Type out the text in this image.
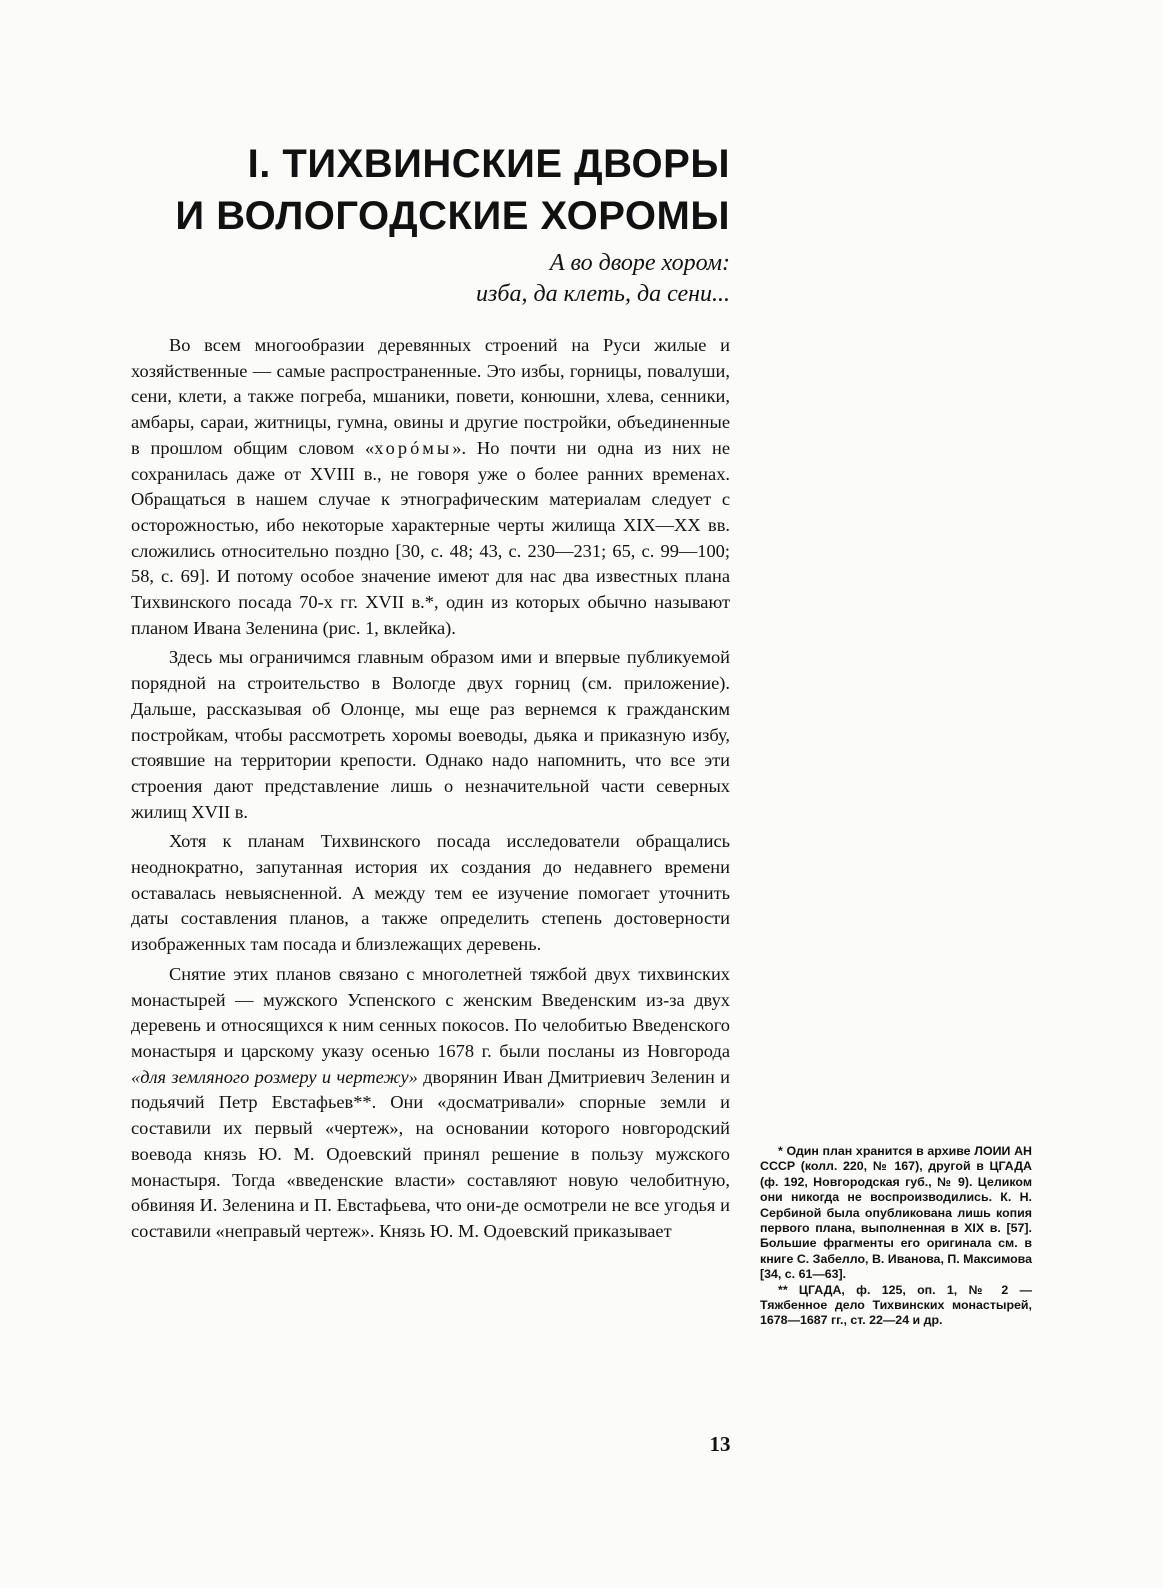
I. ТИХВИНСКИЕ ДВОРЫ
И ВОЛОГОДСКИЕ ХОРОМЫ
А во дворе хором:
изба, да клеть, да сени...

Во всем многообразии деревянных строений на Руси жилые и хозяйственные — самые распространенные. Это избы, горницы, повалуши, сени, клети, а также погреба, мшаники, повети, конюшни, хлева, сенники, амбары, сараи, житницы, гумна, овины и другие постройки, объединенные в прошлом общим словом «хорóмы». Но почти ни одна из них не сохранилась даже от XVIII в., не говоря уже о более ранних временах. Обращаться в нашем случае к этнографическим материалам следует с осторожностью, ибо некоторые характерные черты жилища XIX—XX вв. сложились относительно поздно [30, с. 48; 43, с. 230—231; 65, с. 99—100; 58, с. 69]. И потому особое значение имеют для нас два известных плана Тихвинского посада 70-х гг. XVII в.*, один из которых обычно называют планом Ивана Зеленина (рис. 1, вклейка).

Здесь мы ограничимся главным образом ими и впервые публикуемой порядной на строительство в Вологде двух горниц (см. приложение). Дальше, рассказывая об Олонце, мы еще раз вернемся к гражданским постройкам, чтобы рассмотреть хоромы воеводы, дьяка и приказную избу, стоявшие на территории крепости. Однако надо напомнить, что все эти строения дают представление лишь о незначительной части северных жилищ XVII в.

Хотя к планам Тихвинского посада исследователи обращались неоднократно, запутанная история их создания до недавнего времени оставалась невыясненной. А между тем ее изучение помогает уточнить даты составления планов, а также определить степень достоверности изображенных там посада и близлежащих деревень.

Снятие этих планов связано с многолетней тяжбой двух тихвинских монастырей — мужского Успенского с женским Введенским из-за двух деревень и относящихся к ним сенных покосов. По челобитью Введенского монастыря и царскому указу осенью 1678 г. были посланы из Новгорода «для земляного розмеру и чертежу» дворянин Иван Дмитриевич Зеленин и подьячий Петр Евстафьев**. Они «досматривали» спорные земли и составили их первый «чертеж», на основании которого новгородский воевода князь Ю. М. Одоевский принял решение в пользу мужского монастыря. Тогда «введенские власти» составляют новую челобитную, обвиняя И. Зеленина и П. Евстафьева, что они-де осмотрели не все угодья и составили «неправый чертеж». Князь Ю. М. Одоевский приказывает

* Один план хранится в архиве ЛОИИ АН СССР (колл. 220, № 167), другой в ЦГАДА (ф. 192, Новгородская губ., № 9). Целиком они никогда не воспроизводились. К. Н. Сербиной была опубликована лишь копия первого плана, выполненная в XIX в. [57]. Большие фрагменты его оригинала см. в книге С. Забелло, В. Иванова, П. Максимова [34, с. 61—63].

** ЦГАДА, ф. 125, оп. 1, № 2 — Тяжбенное дело Тихвинских монастырей, 1678—1687 гг., ст. 22—24 и др.

13
